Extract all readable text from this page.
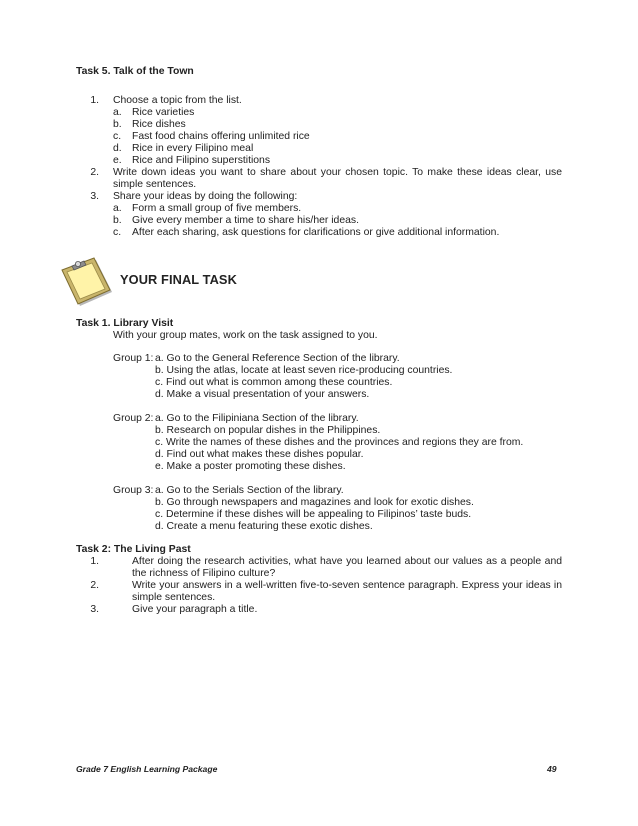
Task 5. Talk of the Town
1. Choose a topic from the list.
a. Rice varieties
b. Rice dishes
c. Fast food chains offering unlimited rice
d. Rice in every Filipino meal
e. Rice and Filipino superstitions
2. Write down ideas you want to share about your chosen topic. To make these ideas clear, use
simple sentences.
3. Share your ideas by doing the following:
a. Form a small group of five members.
b. Give every member a time to share his/her ideas.
c. After each sharing, ask questions for clarifications or give additional information.
YOUR FINAL TASK
Task 1. Library Visit
With your group mates, work on the task assigned to you.
Group 1: a. Go to the General Reference Section of the library.
b. Using the atlas, locate at least seven rice-producing countries.
c. Find out what is common among these countries.
d. Make a visual presentation of your answers.
Group 2: a. Go to the Filipiniana Section of the library.
b. Research on popular dishes in the Philippines.
c. Write the names of these dishes and the provinces and regions they are from.
d. Find out what makes these dishes popular.
e. Make a poster promoting these dishes.
Group 3: a. Go to the Serials Section of the library.
b. Go through newspapers and magazines and look for exotic dishes.
c. Determine if these dishes will be appealing to Filipinos’ taste buds.
d. Create a menu featuring these exotic dishes.
Task 2: The Living Past
1.	After doing the research activities, what have you learned about our values as a people and
the richness of Filipino culture?
2.	Write your answers in a well-written five-to-seven sentence paragraph. Express your ideas in
simple sentences.
3.	Give your paragraph a title.
Grade 7 English Learning Package	49
